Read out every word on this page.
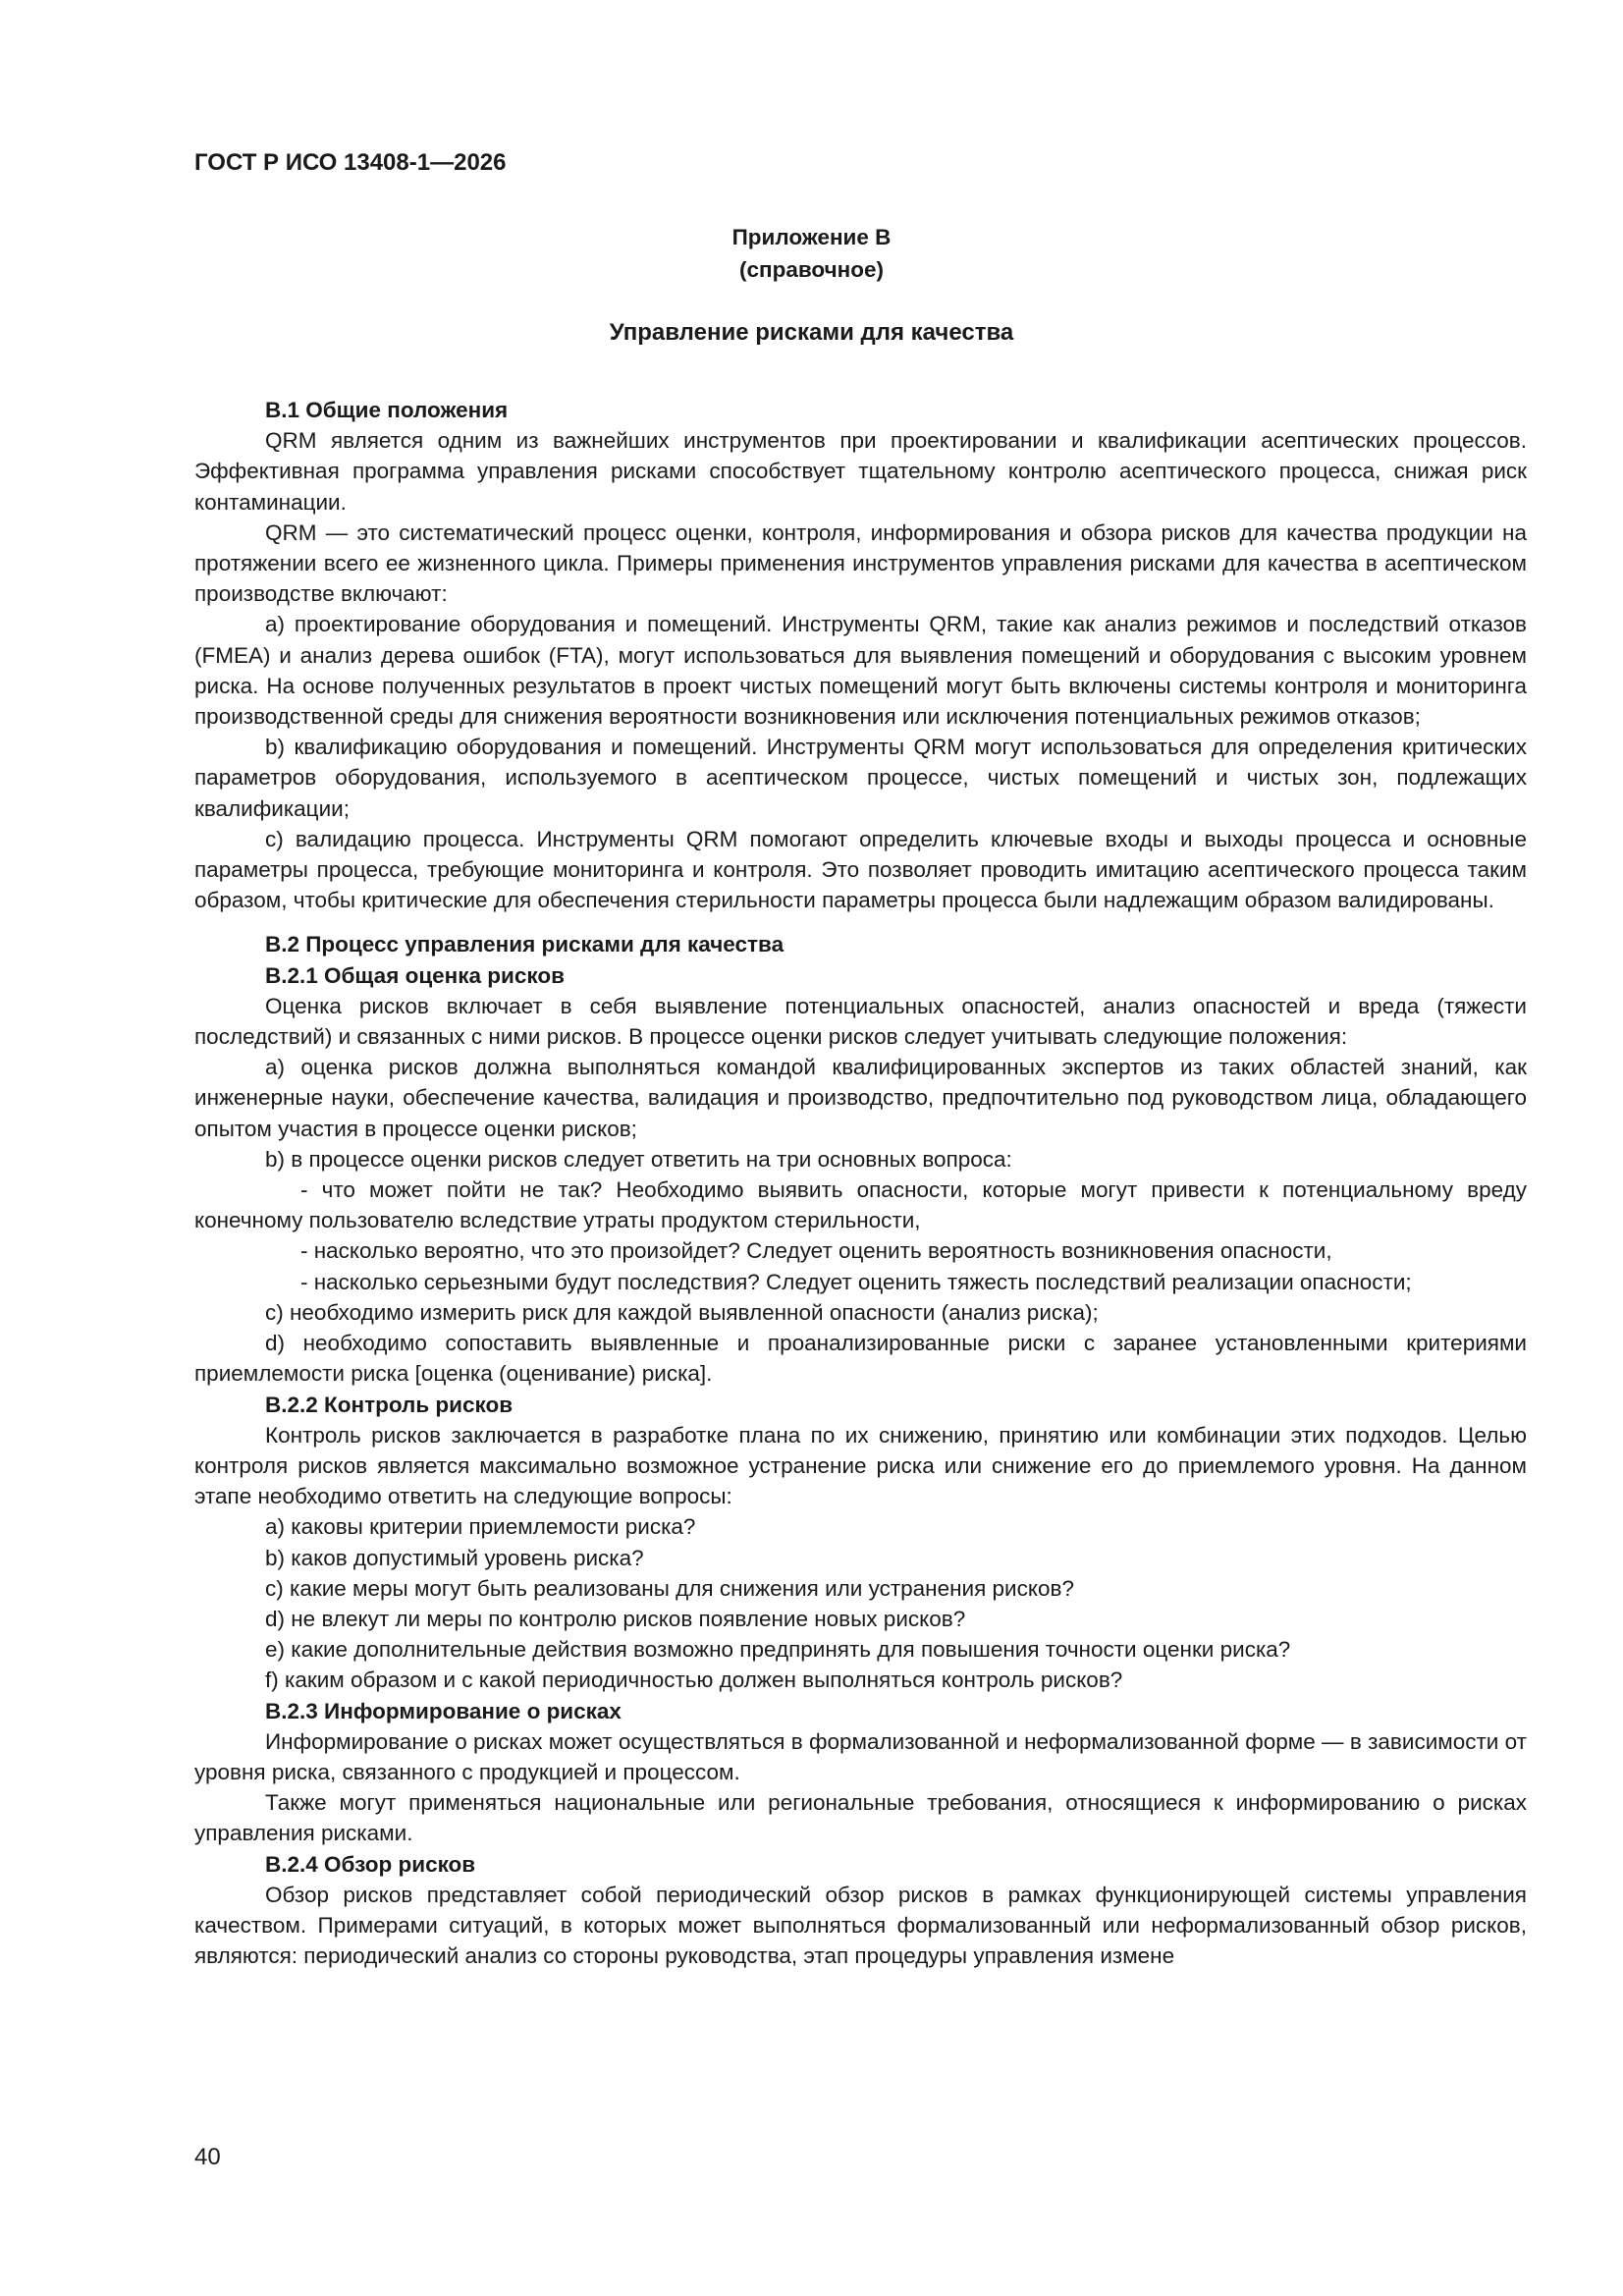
ГОСТ Р ИСО 13408-1—2026
Приложение В
(справочное)
Управление рисками для качества
В.1 Общие положения

QRM является одним из важнейших инструментов при проектировании и квалификации асептических процессов. Эффективная программа управления рисками способствует тщательному контролю асептического процесса, снижая риск контаминации.

QRM — это систематический процесс оценки, контроля, информирования и обзора рисков для качества продукции на протяжении всего ее жизненного цикла. Примеры применения инструментов управления рисками для качества в асептическом производстве включают:

a) проектирование оборудования и помещений. Инструменты QRM, такие как анализ режимов и последствий отказов (FMEA) и анализ дерева ошибок (FTA), могут использоваться для выявления помещений и оборудования с высоким уровнем риска. На основе полученных результатов в проект чистых помещений могут быть включены системы контроля и мониторинга производственной среды для снижения вероятности возникновения или исключения потенциальных режимов отказов;

b) квалификацию оборудования и помещений. Инструменты QRM могут использоваться для определения критических параметров оборудования, используемого в асептическом процессе, чистых помещений и чистых зон, подлежащих квалификации;

c) валидацию процесса. Инструменты QRM помогают определить ключевые входы и выходы процесса и основные параметры процесса, требующие мониторинга и контроля. Это позволяет проводить имитацию асептического процесса таким образом, чтобы критические для обеспечения стерильности параметры процесса были надлежащим образом валидированы.

В.2 Процесс управления рисками для качества
В.2.1 Общая оценка рисков

Оценка рисков включает в себя выявление потенциальных опасностей, анализ опасностей и вреда (тяжести последствий) и связанных с ними рисков. В процессе оценки рисков следует учитывать следующие положения:

a) оценка рисков должна выполняться командой квалифицированных экспертов из таких областей знаний, как инженерные науки, обеспечение качества, валидация и производство, предпочтительно под руководством лица, обладающего опытом участия в процессе оценки рисков;

b) в процессе оценки рисков следует ответить на три основных вопроса:

- что может пойти не так? Необходимо выявить опасности, которые могут привести к потенциальному вреду конечному пользователю вследствие утраты продуктом стерильности,

- насколько вероятно, что это произойдет? Следует оценить вероятность возникновения опасности,

- насколько серьезными будут последствия? Следует оценить тяжесть последствий реализации опасности;

c) необходимо измерить риск для каждой выявленной опасности (анализ риска);

d) необходимо сопоставить выявленные и проанализированные риски с заранее установленными критериями приемлемости риска [оценка (оценивание) риска].

В.2.2 Контроль рисков

Контроль рисков заключается в разработке плана по их снижению, принятию или комбинации этих подходов. Целью контроля рисков является максимально возможное устранение риска или снижение его до приемлемого уровня. На данном этапе необходимо ответить на следующие вопросы:

a) каковы критерии приемлемости риска?

b) каков допустимый уровень риска?

c) какие меры могут быть реализованы для снижения или устранения рисков?

d) не влекут ли меры по контролю рисков появление новых рисков?

e) какие дополнительные действия возможно предпринять для повышения точности оценки риска?

f) каким образом и с какой периодичностью должен выполняться контроль рисков?

В.2.3 Информирование о рисках

Информирование о рисках может осуществляться в формализованной и неформализованной форме — в зависимости от уровня риска, связанного с продукцией и процессом.

Также могут применяться национальные или региональные требования, относящиеся к информированию о рисках управления рисками.

В.2.4 Обзор рисков

Обзор рисков представляет собой периодический обзор рисков в рамках функционирующей системы управления качеством. Примерами ситуаций, в которых может выполняться формализованный или неформализованный обзор рисков, являются: периодический анализ со стороны руководства, этап процедуры управления измене

40
